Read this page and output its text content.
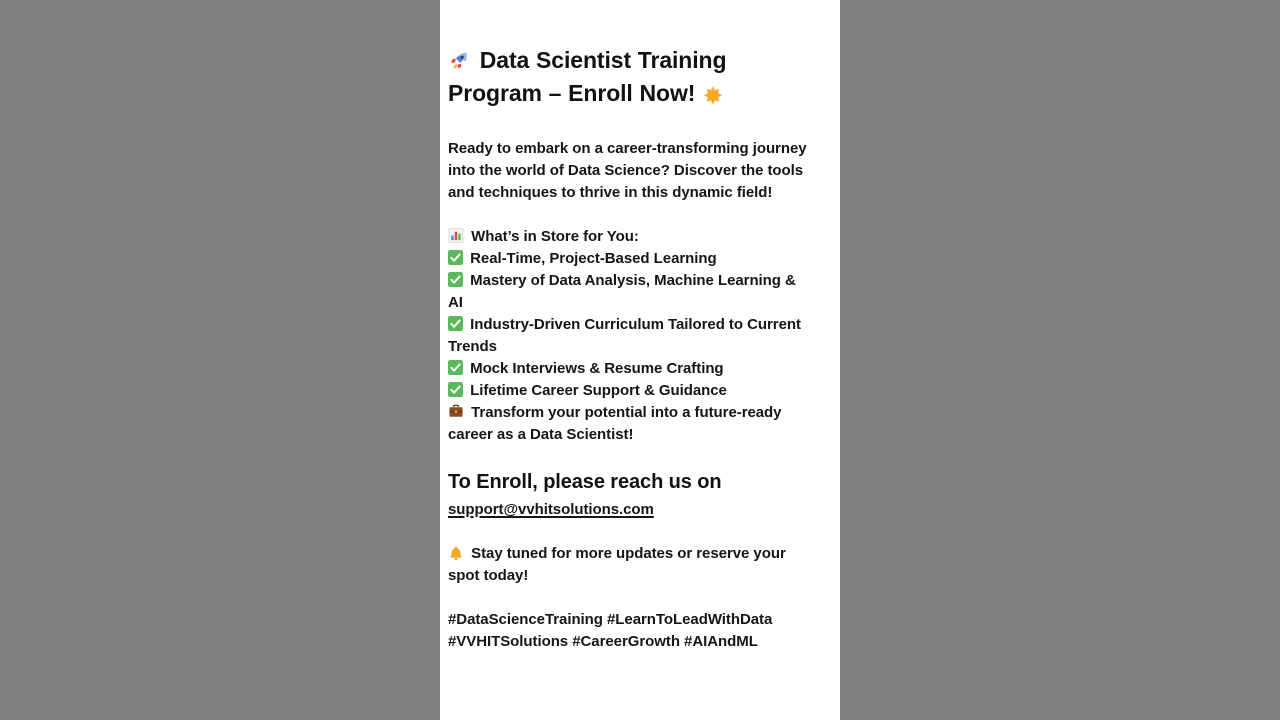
Data Scientist Training
Program – Enroll Now!

Ready to embark on a career-transforming journey into the world of Data Science? Discover the tools and techniques to thrive in this dynamic field!

What’s in Store for You:
Real-Time, Project-Based Learning
Mastery of Data Analysis, Machine Learning & AI
Industry-Driven Curriculum Tailored to Current Trends
Mock Interviews & Resume Crafting
Lifetime Career Support & Guidance
Transform your potential into a future-ready career as a Data Scientist!
To Enroll, please reach us on
support@vvhitsolutions.com

Stay tuned for more updates or reserve your spot today!

#DataScienceTraining #LearnToLeadWithData #VVHITSolutions #CareerGrowth #AIAndML
